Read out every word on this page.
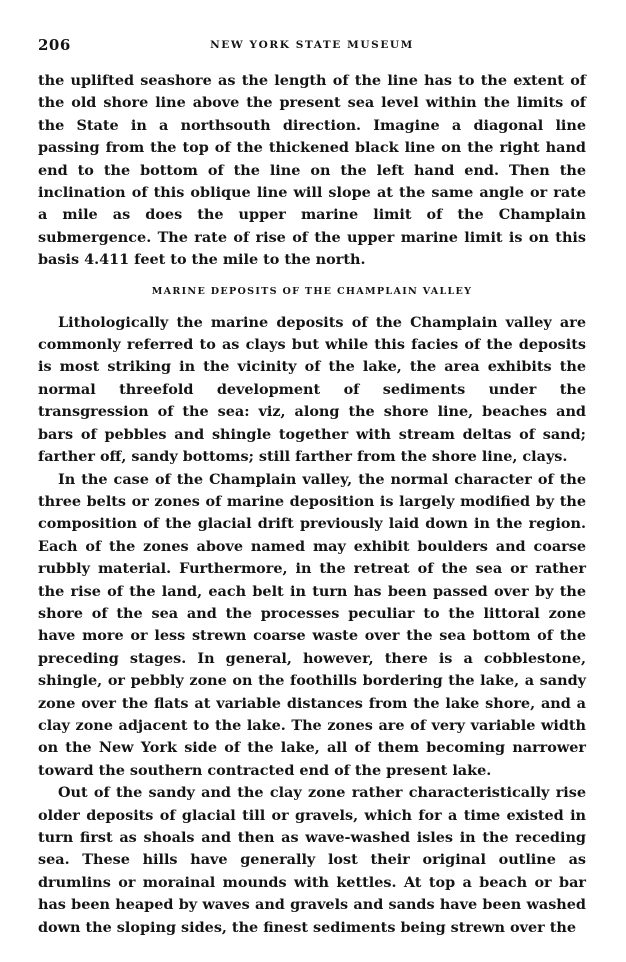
206	NEW YORK STATE MUSEUM

the uplifted seashore as the length of the line has to the extent of the old shore line above the present sea level within the limits of the State in a northsouth direction. Imagine a diagonal line passing from the top of the thickened black line on the right hand end to the bottom of the line on the left hand end. Then the inclination of this oblique line will slope at the same angle or rate a mile as does the upper marine limit of the Champlain submergence. The rate of rise of the upper marine limit is on this basis 4.411 feet to the mile to the north.

MARINE DEPOSITS OF THE CHAMPLAIN VALLEY

Lithologically the marine deposits of the Champlain valley are commonly referred to as clays but while this facies of the deposits is most striking in the vicinity of the lake, the area exhibits the normal threefold development of sediments under the transgression of the sea: viz, along the shore line, beaches and bars of pebbles and shingle together with stream deltas of sand; farther off, sandy bottoms; still farther from the shore line, clays.

In the case of the Champlain valley, the normal character of the three belts or zones of marine deposition is largely modified by the composition of the glacial drift previously laid down in the region. Each of the zones above named may exhibit boulders and coarse rubbly material. Furthermore, in the retreat of the sea or rather the rise of the land, each belt in turn has been passed over by the shore of the sea and the processes peculiar to the littoral zone have more or less strewn coarse waste over the sea bottom of the preceding stages. In general, however, there is a cobblestone, shingle, or pebbly zone on the foothills bordering the lake, a sandy zone over the flats at variable distances from the lake shore, and a clay zone adjacent to the lake. The zones are of very variable width on the New York side of the lake, all of them becoming narrower toward the southern contracted end of the present lake.

Out of the sandy and the clay zone rather characteristically rise older deposits of glacial till or gravels, which for a time existed in turn first as shoals and then as wave-washed isles in the receding sea. These hills have generally lost their original outline as drumlins or morainal mounds with kettles. At top a beach or bar has been heaped by waves and gravels and sands have been washed down the sloping sides, the finest sediments being strewn over the
